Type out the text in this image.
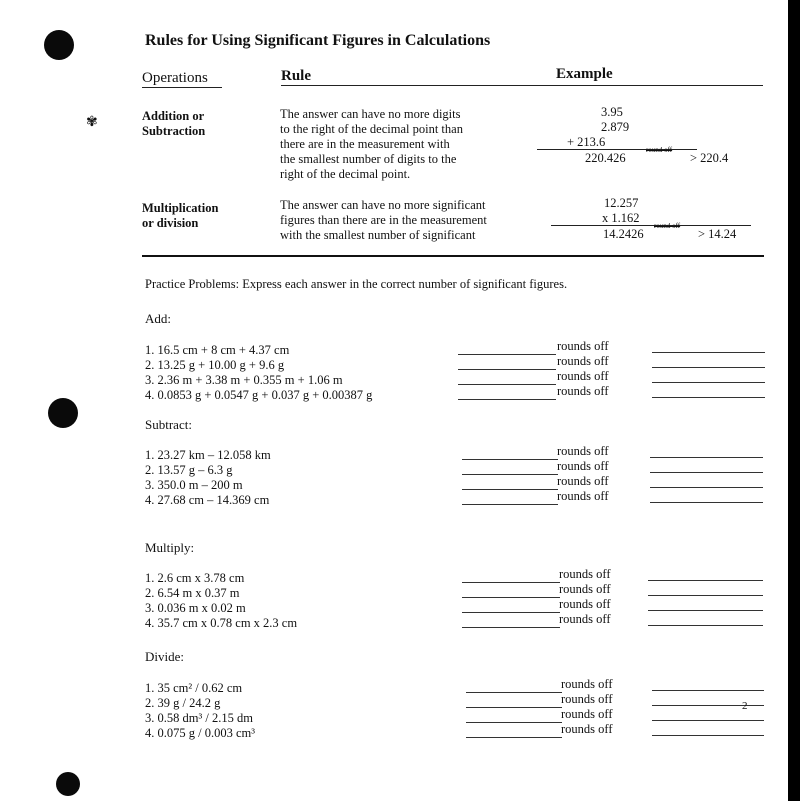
✾
Rules for Using Significant Figures in Calculations
Operations	Rule	Example
Addition or
Subtraction
The answer can have no more digits
to the right of the decimal point than
there are in the measurement with
the smallest number of digits to the
right of the decimal point.
3.95
2.879
+ 213.6
220.426
round off
> 220.4
Multiplication
or division
The answer can have no more significant
figures than there are in the measurement
with the smallest number of significant
12.257
x 1.162
14.2426
round off
> 14.24
Practice Problems: Express each answer in the correct number of significant figures.
Add:
1. 16.5 cm + 8 cm + 4.37 cm
2. 13.25 g + 10.00 g + 9.6 g
3. 2.36 m + 3.38 m + 0.355 m + 1.06 m
4. 0.0853 g + 0.0547 g + 0.037 g + 0.00387 g
rounds off
rounds off
rounds off
rounds off
Subtract:
1. 23.27 km – 12.058 km
2. 13.57 g – 6.3 g
3. 350.0 m – 200 m
4. 27.68 cm – 14.369 cm
rounds off
rounds off
rounds off
rounds off
Multiply:
1. 2.6 cm x 3.78 cm
2. 6.54 m x 0.37 m
3. 0.036 m x 0.02 m
4. 35.7 cm x 0.78 cm x 2.3 cm
rounds off
rounds off
rounds off
rounds off
Divide:
1. 35 cm² / 0.62 cm
2. 39 g / 24.2 g
3. 0.58 dm³ / 2.15 dm
4. 0.075 g / 0.003 cm³
rounds off
rounds off
rounds off
rounds off
2
